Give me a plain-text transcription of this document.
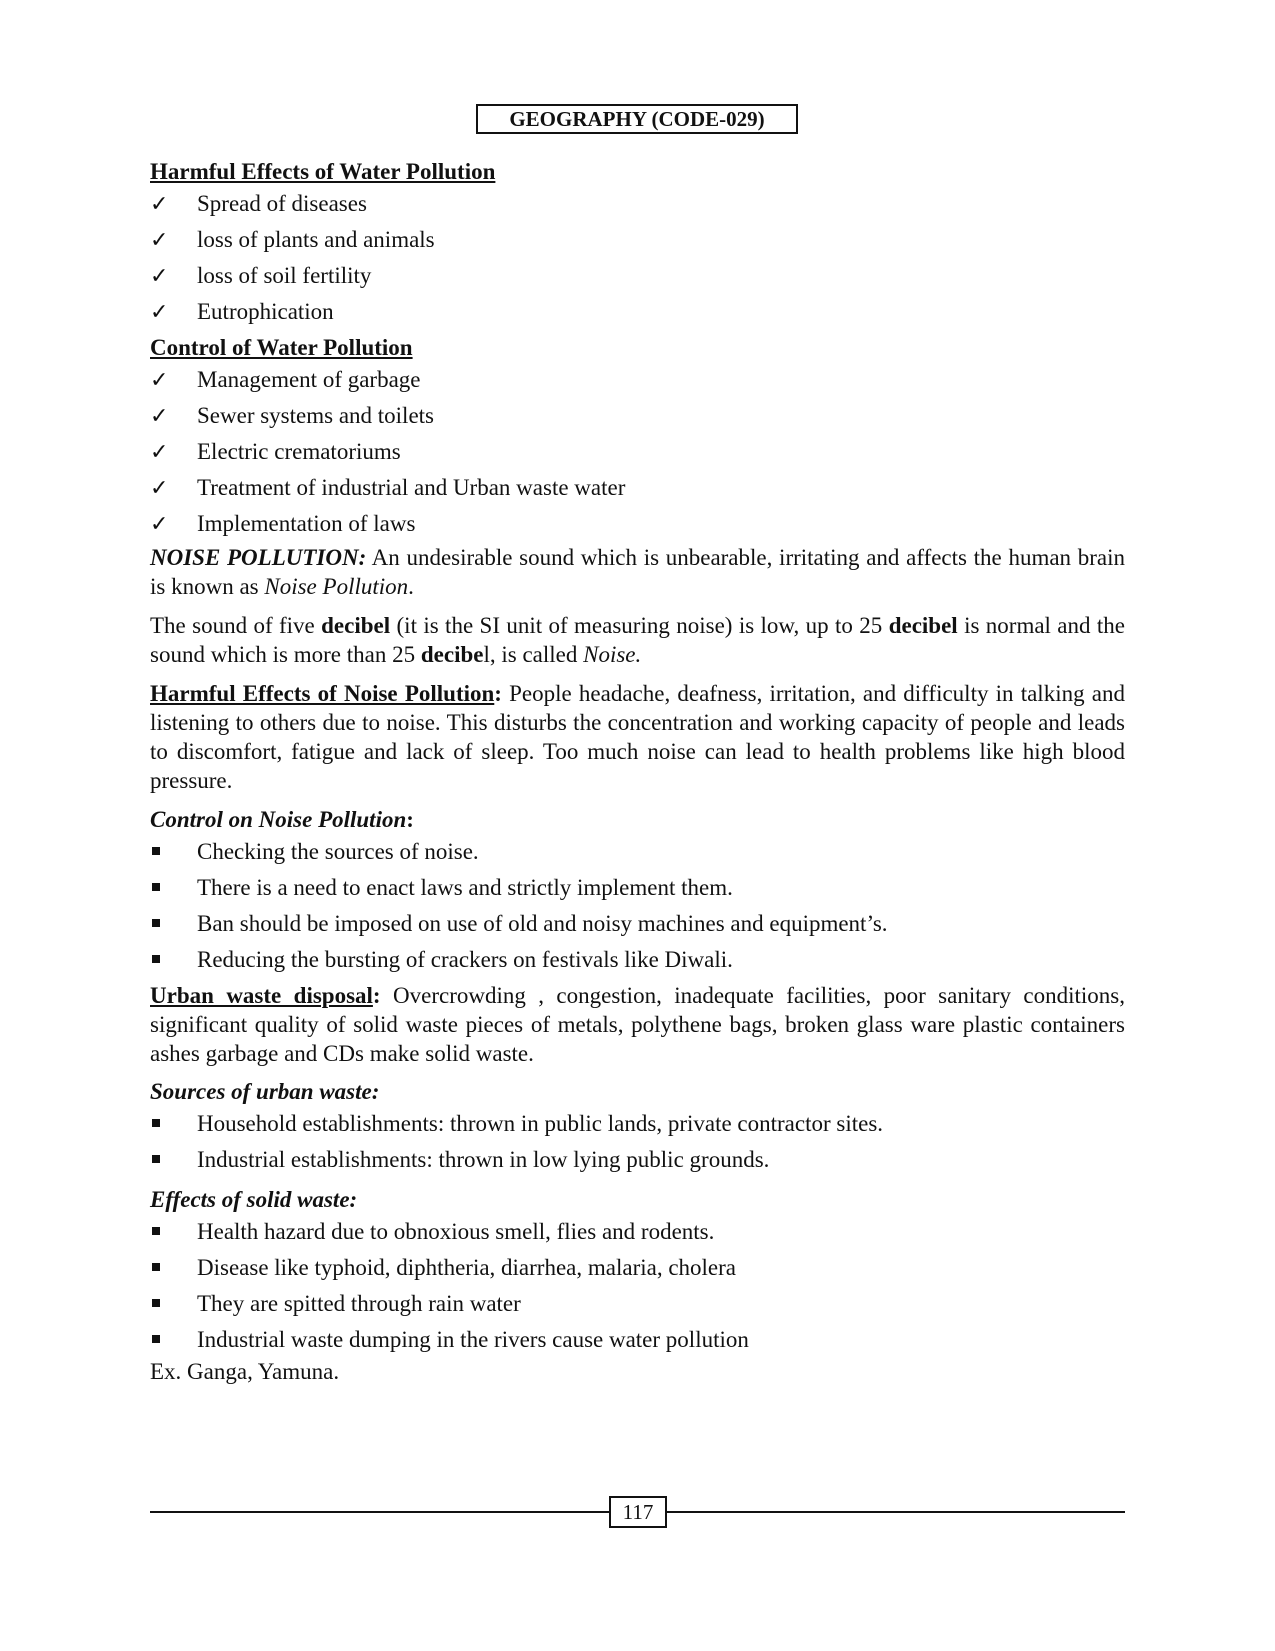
GEOGRAPHY (CODE-029)

Harmful Effects of Water Pollution

✓	Spread of diseases
✓	loss of plants and animals
✓	loss of soil fertility
✓	Eutrophication

Control of Water Pollution

✓	Management of garbage
✓	Sewer systems and toilets
✓	Electric crematoriums
✓	Treatment of industrial and Urban waste water
✓	Implementation of laws

NOISE POLLUTION: An undesirable sound which is unbearable, irritating and affects the human brain is known as Noise Pollution.

The sound of five decibel (it is the SI unit of measuring noise) is low, up to 25 decibel is normal and the sound which is more than 25 decibel, is called Noise.

Harmful Effects of Noise Pollution: People headache, deafness, irritation, and difficulty in talking and listening to others due to noise. This disturbs the concentration and working capacity of people and leads to discomfort, fatigue and lack of sleep. Too much noise can lead to health problems like high blood pressure.

Control on Noise Pollution:

Checking the sources of noise.
There is a need to enact laws and strictly implement them.
Ban should be imposed on use of old and noisy machines and equipment’s.
Reducing the bursting of crackers on festivals like Diwali.

Urban waste disposal: Overcrowding , congestion, inadequate facilities, poor sanitary conditions, significant quality of solid waste pieces of metals, polythene bags, broken glass ware plastic containers ashes garbage and CDs make solid waste.

Sources of urban waste:

Household establishments: thrown in public lands, private contractor sites.
Industrial establishments: thrown in low lying public grounds.

Effects of solid waste:

Health hazard due to obnoxious smell, flies and rodents.
Disease like typhoid, diphtheria, diarrhea, malaria, cholera
They are spitted through rain water
Industrial waste dumping in the rivers cause water pollution

Ex. Ganga, Yamuna.

117
